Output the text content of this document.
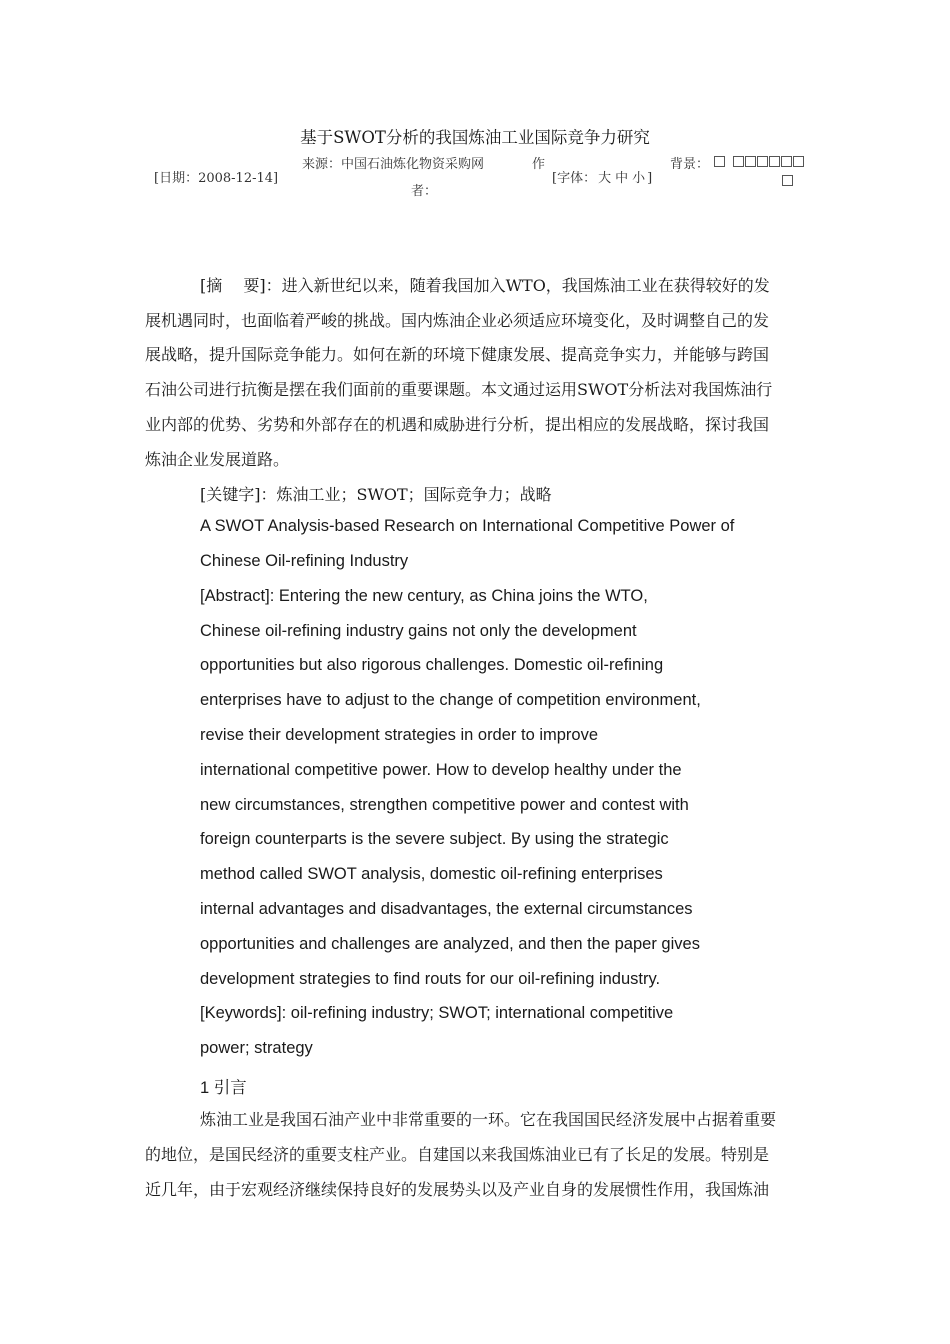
基于SWOT分析的我国炼油工业国际竞争力研究
[日期：2008-12-14]
来源：中国石油炼化物资采购网	作
者：
[字体： 大 中 小 ]
背景：
[摘　 要]：进入新世纪以来，随着我国加入WTO，我国炼油工业在获得较好的发
展机遇同时，也面临着严峻的挑战。国内炼油企业必须适应环境变化，及时调整自己的发
展战略，提升国际竞争能力。如何在新的环境下健康发展、提高竞争实力，并能够与跨国
石油公司进行抗衡是摆在我们面前的重要课题。本文通过运用SWOT分析法对我国炼油行
业内部的优势、劣势和外部存在的机遇和威胁进行分析，提出相应的发展战略，探讨我国
炼油企业发展道路。
[关键字]：炼油工业；SWOT；国际竞争力；战略
A SWOT Analysis-based Research on International Competitive Power of
Chinese Oil-refining Industry
[Abstract]: Entering the new century, as China joins the WTO,
Chinese oil-refining industry gains not only the development
opportunities but also rigorous challenges. Domestic oil-refining
enterprises have to adjust to the change of competition environment,
revise their development strategies in order to improve
international competitive power. How to develop healthy under the
new circumstances, strengthen competitive power and contest with
foreign counterparts is the severe subject. By using the strategic
method called SWOT analysis, domestic oil-refining enterprises
internal advantages and disadvantages, the external circumstances
opportunities and challenges are analyzed, and then the paper gives
development strategies to find routs for our oil-refining industry.
[Keywords]: oil-refining industry; SWOT; international competitive
power; strategy
1 引言
炼油工业是我国石油产业中非常重要的一环。它在我国国民经济发展中占据着重要
的地位，是国民经济的重要支柱产业。自建国以来我国炼油业已有了长足的发展。特别是
近几年，由于宏观经济继续保持良好的发展势头以及产业自身的发展惯性作用，我国炼油
